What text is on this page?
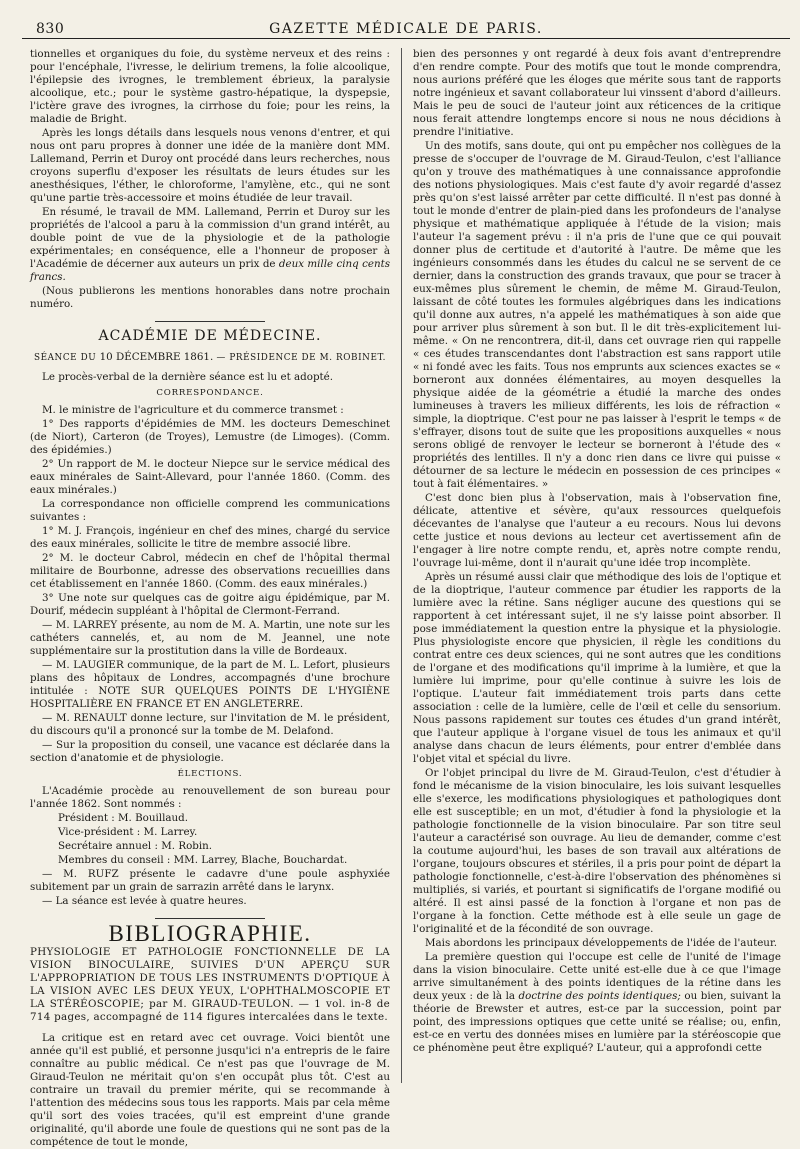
830	GAZETTE MÉDICALE DE PARIS.

tionnelles et organiques du foie, du système nerveux et des reins : pour l'encéphale, l'ivresse, le delirium tremens, la folie alcoolique, l'épilepsie des ivrognes, le tremblement ébrieux, la paralysie alcoolique, etc.; pour le système gastro-hépatique, la dyspepsie, l'ictère grave des ivrognes, la cirrhose du foie; pour les reins, la maladie de Bright.

Après les longs détails dans lesquels nous venons d'entrer, et qui nous ont paru propres à donner une idée de la manière dont MM. Lallemand, Perrin et Duroy ont procédé dans leurs recherches, nous croyons superflu d'exposer les résultats de leurs études sur les anesthésiques, l'éther, le chloroforme, l'amylène, etc., qui ne sont qu'une partie très-accessoire et moins étudiée de leur travail.

En résumé, le travail de MM. Lallemand, Perrin et Duroy sur les propriétés de l'alcool a paru à la commission d'un grand intérêt, au double point de vue de la physiologie et de la pathologie expérimentales; en conséquence, elle a l'honneur de proposer à l'Académie de décerner aux auteurs un prix de deux mille cinq cents francs.

(Nous publierons les mentions honorables dans notre prochain numéro.

ACADÉMIE DE MÉDECINE.
SÉANCE DU 10 DÉCEMBRE 1861. — PRÉSIDENCE DE M. ROBINET.

Le procès-verbal de la dernière séance est lu et adopté.

CORRESPONDANCE.

M. le ministre de l'agriculture et du commerce transmet :

1° Des rapports d'épidémies de MM. les docteurs Demeschinet (de Niort), Carteron (de Troyes), Lemustre (de Limoges). (Comm. des épidémies.)

2° Un rapport de M. le docteur Niepce sur le service médical des eaux minérales de Saint-Allevard, pour l'année 1860. (Comm. des eaux minérales.)

La correspondance non officielle comprend les communications suivantes :

1° M. J. François, ingénieur en chef des mines, chargé du service des eaux minérales, sollicite le titre de membre associé libre.

2° M. le docteur Cabrol, médecin en chef de l'hôpital thermal militaire de Bourbonne, adresse des observations recueillies dans cet établissement en l'année 1860. (Comm. des eaux minérales.)

3° Une note sur quelques cas de goitre aigu épidémique, par M. Dourif, médecin suppléant à l'hôpital de Clermont-Ferrand.

— M. LARREY présente, au nom de M. A. Martin, une note sur les cathéters cannelés, et, au nom de M. Jeannel, une note supplémentaire sur la prostitution dans la ville de Bordeaux.

— M. LAUGIER communique, de la part de M. L. Lefort, plusieurs plans des hôpitaux de Londres, accompagnés d'une brochure intitulée : NOTE SUR QUELQUES POINTS DE L'HYGIÈNE HOSPITALIÈRE EN FRANCE ET EN ANGLETERRE.

— M. RENAULT donne lecture, sur l'invitation de M. le président, du discours qu'il a prononcé sur la tombe de M. Delafond.

— Sur la proposition du conseil, une vacance est déclarée dans la section d'anatomie et de physiologie.

ÉLECTIONS.

L'Académie procède au renouvellement de son bureau pour l'année 1862. Sont nommés :

Président : M. Bouillaud.

Vice-président : M. Larrey.

Secrétaire annuel : M. Robin.

Membres du conseil : MM. Larrey, Blache, Bouchardat.

— M. RUFZ présente le cadavre d'une poule asphyxiée subitement par un grain de sarrazin arrêté dans le larynx.

— La séance est levée à quatre heures.

BIBLIOGRAPHIE.
PHYSIOLOGIE ET PATHOLOGIE FONCTIONNELLE DE LA VISION BINOCULAIRE, SUIVIES D'UN APERÇU SUR L'APPROPRIATION DE TOUS LES INSTRUMENTS D'OPTIQUE À LA VISION AVEC LES DEUX YEUX, L'OPHTHALMOSCOPIE ET LA STÉRÉOSCOPIE; par M. GIRAUD-TEULON. — 1 vol. in-8 de 714 pages, accompagné de 114 figures intercalées dans le texte.

La critique est en retard avec cet ouvrage. Voici bientôt une année qu'il est publié, et personne jusqu'ici n'a entrepris de le faire connaître au public médical. Ce n'est pas que l'ouvrage de M. Giraud-Teulon ne méritait qu'on s'en occupât plus tôt. C'est au contraire un travail du premier mérite, qui se recommande à l'attention des médecins sous tous les rapports. Mais par cela même qu'il sort des voies tracées, qu'il est empreint d'une grande originalité, qu'il aborde une foule de questions qui ne sont pas de la compétence de tout le monde,

bien des personnes y ont regardé à deux fois avant d'entreprendre d'en rendre compte. Pour des motifs que tout le monde comprendra, nous aurions préféré que les éloges que mérite sous tant de rapports notre ingénieux et savant collaborateur lui vinssent d'abord d'ailleurs. Mais le peu de souci de l'auteur joint aux réticences de la critique nous ferait attendre longtemps encore si nous ne nous décidions à prendre l'initiative.

Un des motifs, sans doute, qui ont pu empêcher nos collègues de la presse de s'occuper de l'ouvrage de M. Giraud-Teulon, c'est l'alliance qu'on y trouve des mathématiques à une connaissance approfondie des notions physiologiques. Mais c'est faute d'y avoir regardé d'assez près qu'on s'est laissé arrêter par cette difficulté. Il n'est pas donné à tout le monde d'entrer de plain-pied dans les profondeurs de l'analyse physique et mathématique appliquée à l'étude de la vision; mais l'auteur l'a sagement prévu : il n'a pris de l'une que ce qui pouvait donner plus de certitude et d'autorité à l'autre. De même que les ingénieurs consommés dans les études du calcul ne se servent de ce dernier, dans la construction des grands travaux, que pour se tracer à eux-mêmes plus sûrement le chemin, de même M. Giraud-Teulon, laissant de côté toutes les formules algébriques dans les indications qu'il donne aux autres, n'a appelé les mathématiques à son aide que pour arriver plus sûrement à son but. Il le dit très-explicitement lui-même. « On ne rencontrera, dit-il, dans cet ouvrage rien qui rappelle « ces études transcendantes dont l'abstraction est sans rapport utile « ni fondé avec les faits. Tous nos emprunts aux sciences exactes se « borneront aux données élémentaires, au moyen desquelles la physique aidée de la géométrie a étudié la marche des ondes lumineuses à travers les milieux différents, les lois de réfraction « simple, la dioptrique. C'est pour ne pas laisser à l'esprit le temps « de s'effrayer, disons tout de suite que les propositions auxquelles « nous serons obligé de renvoyer le lecteur se borneront à l'étude des « propriétés des lentilles. Il n'y a donc rien dans ce livre qui puisse « détourner de sa lecture le médecin en possession de ces principes « tout à fait élémentaires. »

C'est donc bien plus à l'observation, mais à l'observation fine, délicate, attentive et sévère, qu'aux ressources quelquefois décevantes de l'analyse que l'auteur a eu recours. Nous lui devons cette justice et nous devions au lecteur cet avertissement afin de l'engager à lire notre compte rendu, et, après notre compte rendu, l'ouvrage lui-même, dont il n'aurait qu'une idée trop incomplète.

Après un résumé aussi clair que méthodique des lois de l'optique et de la dioptrique, l'auteur commence par étudier les rapports de la lumière avec la rétine. Sans négliger aucune des questions qui se rapportent à cet intéressant sujet, il ne s'y laisse point absorber. Il pose immédiatement la question entre la physique et la physiologie. Plus physiologiste encore que physicien, il règle les conditions du contrat entre ces deux sciences, qui ne sont autres que les conditions de l'organe et des modifications qu'il imprime à la lumière, et que la lumière lui imprime, pour qu'elle continue à suivre les lois de l'optique. L'auteur fait immédiatement trois parts dans cette association : celle de la lumière, celle de l'œil et celle du sensorium. Nous passons rapidement sur toutes ces études d'un grand intérêt, que l'auteur applique à l'organe visuel de tous les animaux et qu'il analyse dans chacun de leurs éléments, pour entrer d'emblée dans l'objet vital et spécial du livre.

Or l'objet principal du livre de M. Giraud-Teulon, c'est d'étudier à fond le mécanisme de la vision binoculaire, les lois suivant lesquelles elle s'exerce, les modifications physiologiques et pathologiques dont elle est susceptible; en un mot, d'étudier à fond la physiologie et la pathologie fonctionnelle de la vision binoculaire. Par son titre seul l'auteur a caractérisé son ouvrage. Au lieu de demander, comme c'est la coutume aujourd'hui, les bases de son travail aux altérations de l'organe, toujours obscures et stériles, il a pris pour point de départ la pathologie fonctionnelle, c'est-à-dire l'observation des phénomènes si multipliés, si variés, et pourtant si significatifs de l'organe modifié ou altéré. Il est ainsi passé de la fonction à l'organe et non pas de l'organe à la fonction. Cette méthode est à elle seule un gage de l'originalité et de la fécondité de son ouvrage.

Mais abordons les principaux développements de l'idée de l'auteur.

La première question qui l'occupe est celle de l'unité de l'image dans la vision binoculaire. Cette unité est-elle due à ce que l'image arrive simultanément à des points identiques de la rétine dans les deux yeux : de là la doctrine des points identiques; ou bien, suivant la théorie de Brewster et autres, est-ce par la succession, point par point, des impressions optiques que cette unité se réalise; ou, enfin, est-ce en vertu des données mises en lumière par la stéréoscopie que ce phénomène peut être expliqué? L'auteur, qui a approfondi cette
